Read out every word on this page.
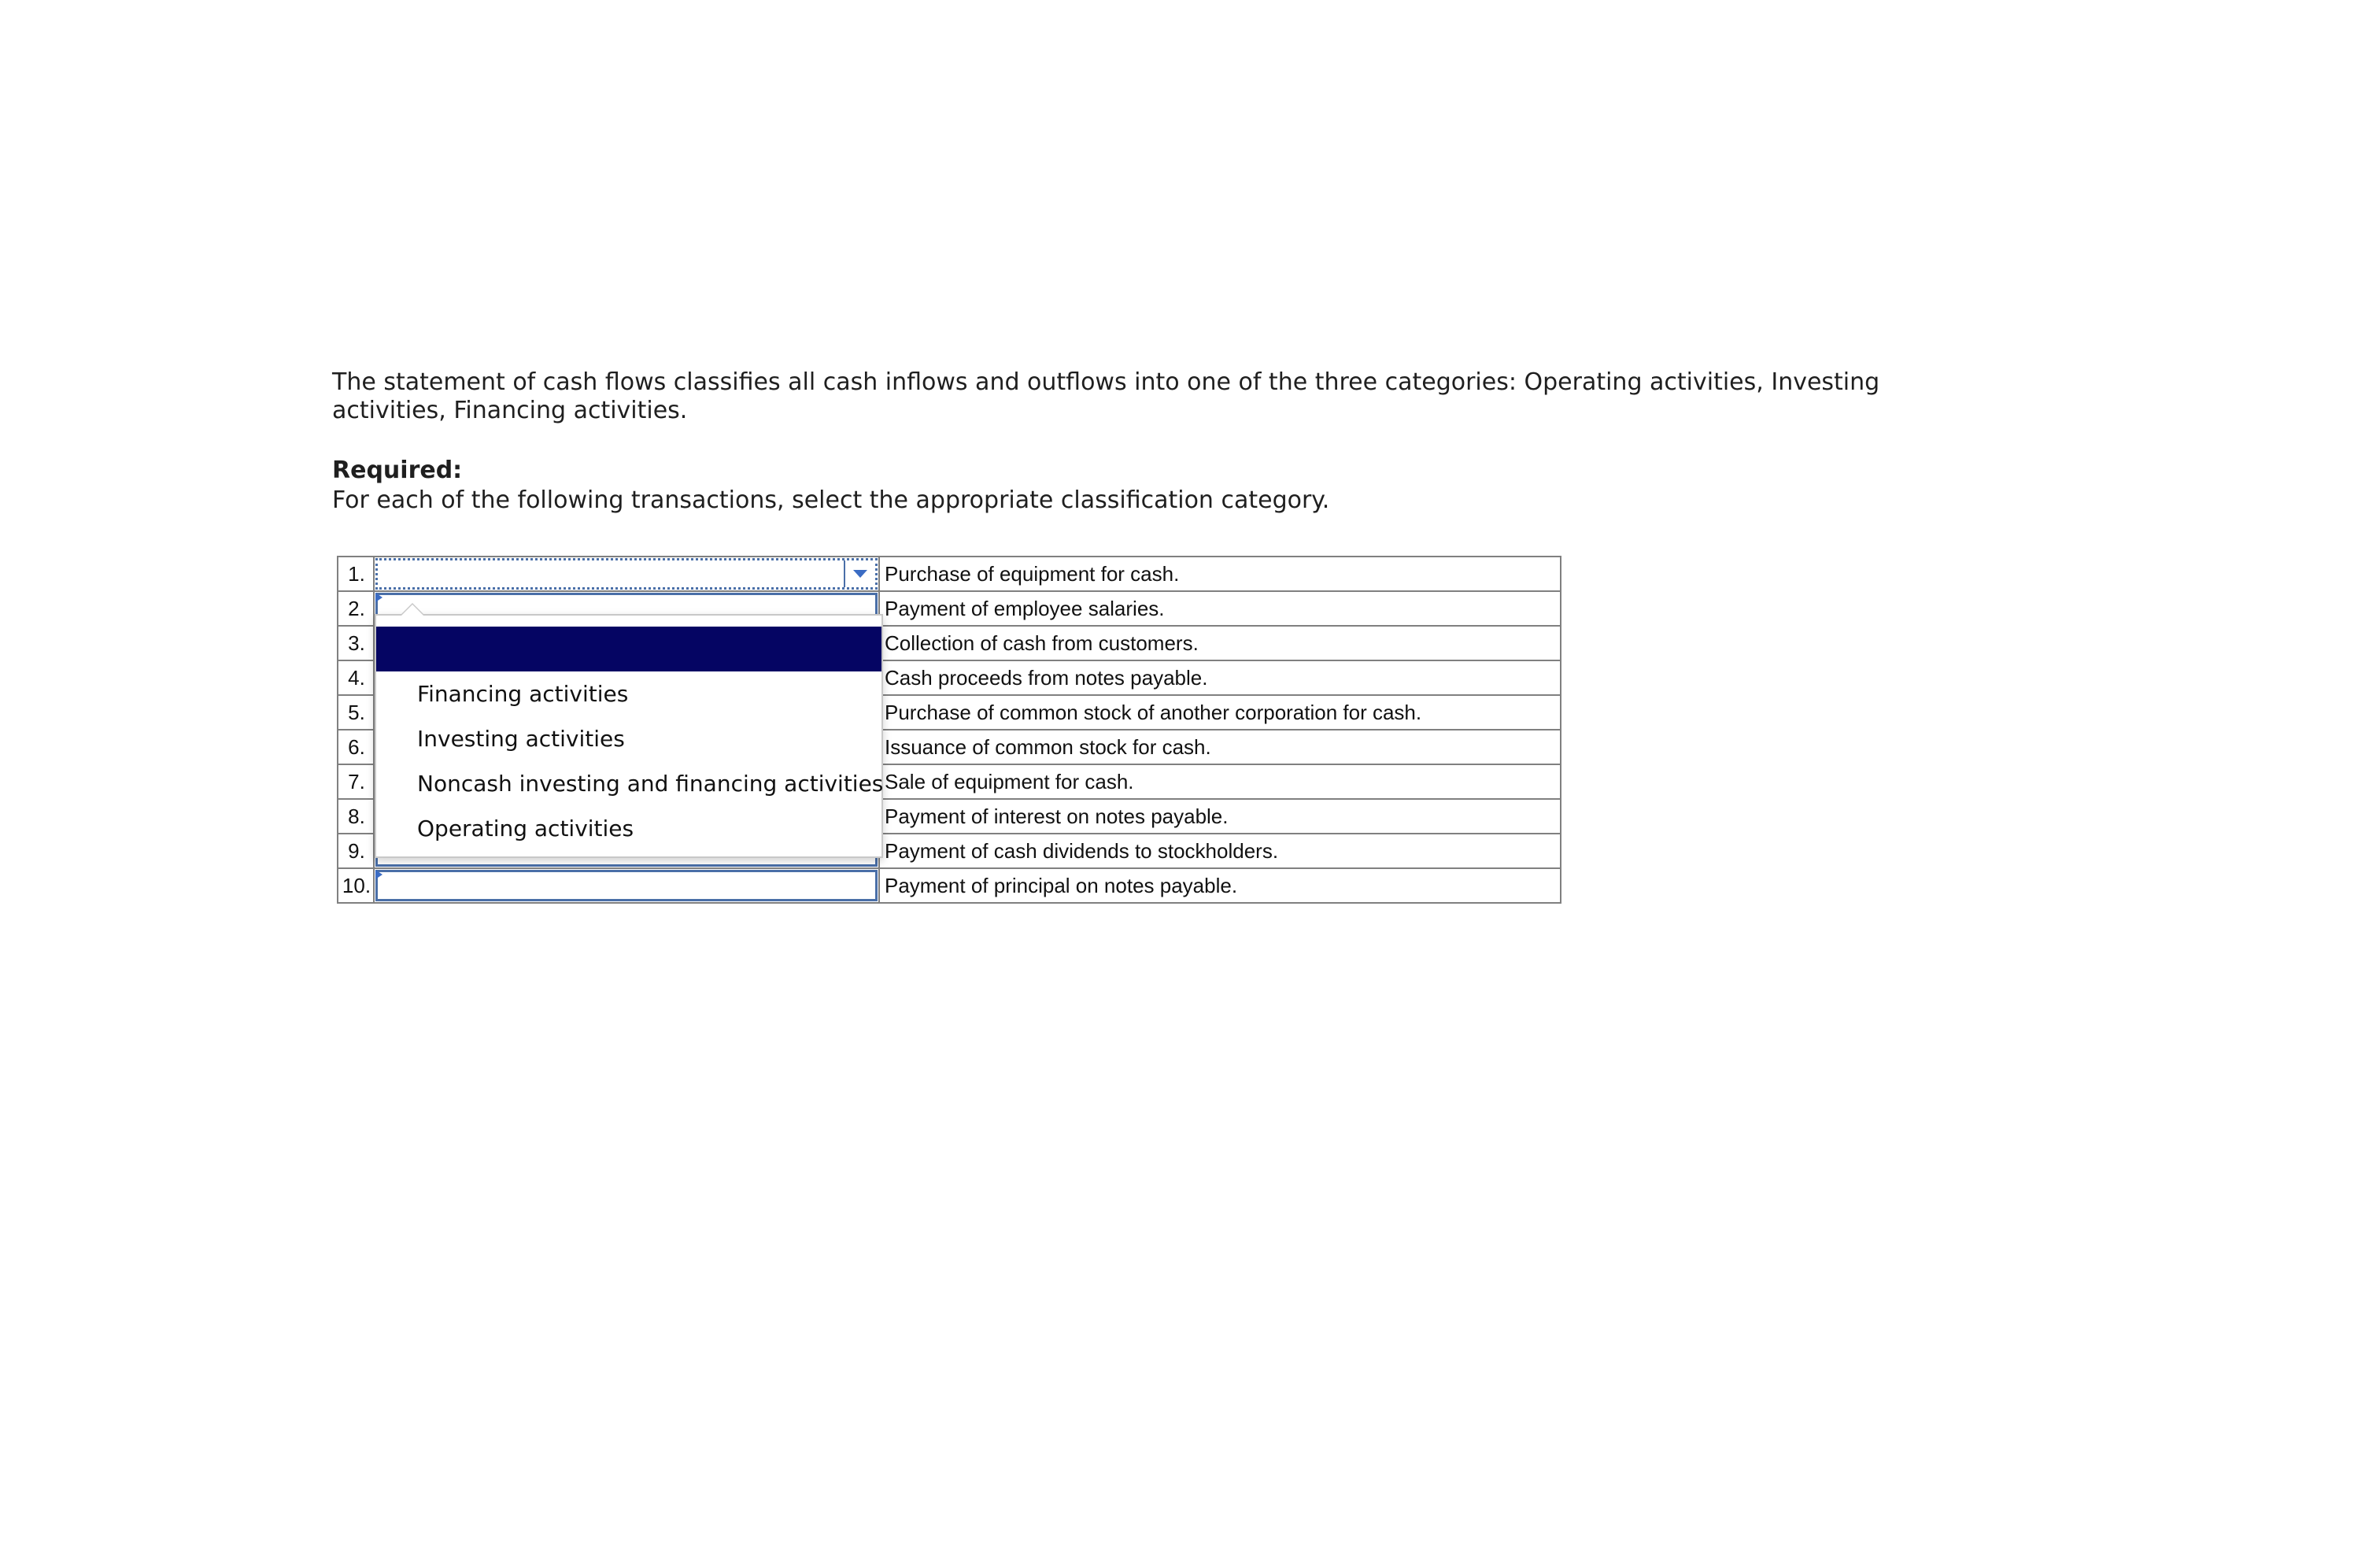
The statement of cash flows classifies all cash inflows and outflows into one of the three categories: Operating activities, Investing
activities, Financing activities.
Required:
For each of the following transactions, select the appropriate classification category.
1.		Purchase of equipment for cash.
2.		Payment of employee salaries.
3.		Collection of cash from customers.
4.		Cash proceeds from notes payable.
5.		Purchase of common stock of another corporation for cash.
6.		Issuance of common stock for cash.
7.		Sale of equipment for cash.
8.		Payment of interest on notes payable.
9.		Payment of cash dividends to stockholders.
10.		Payment of principal on notes payable.
Financing activities
Investing activities
Noncash investing and financing activities
Operating activities
